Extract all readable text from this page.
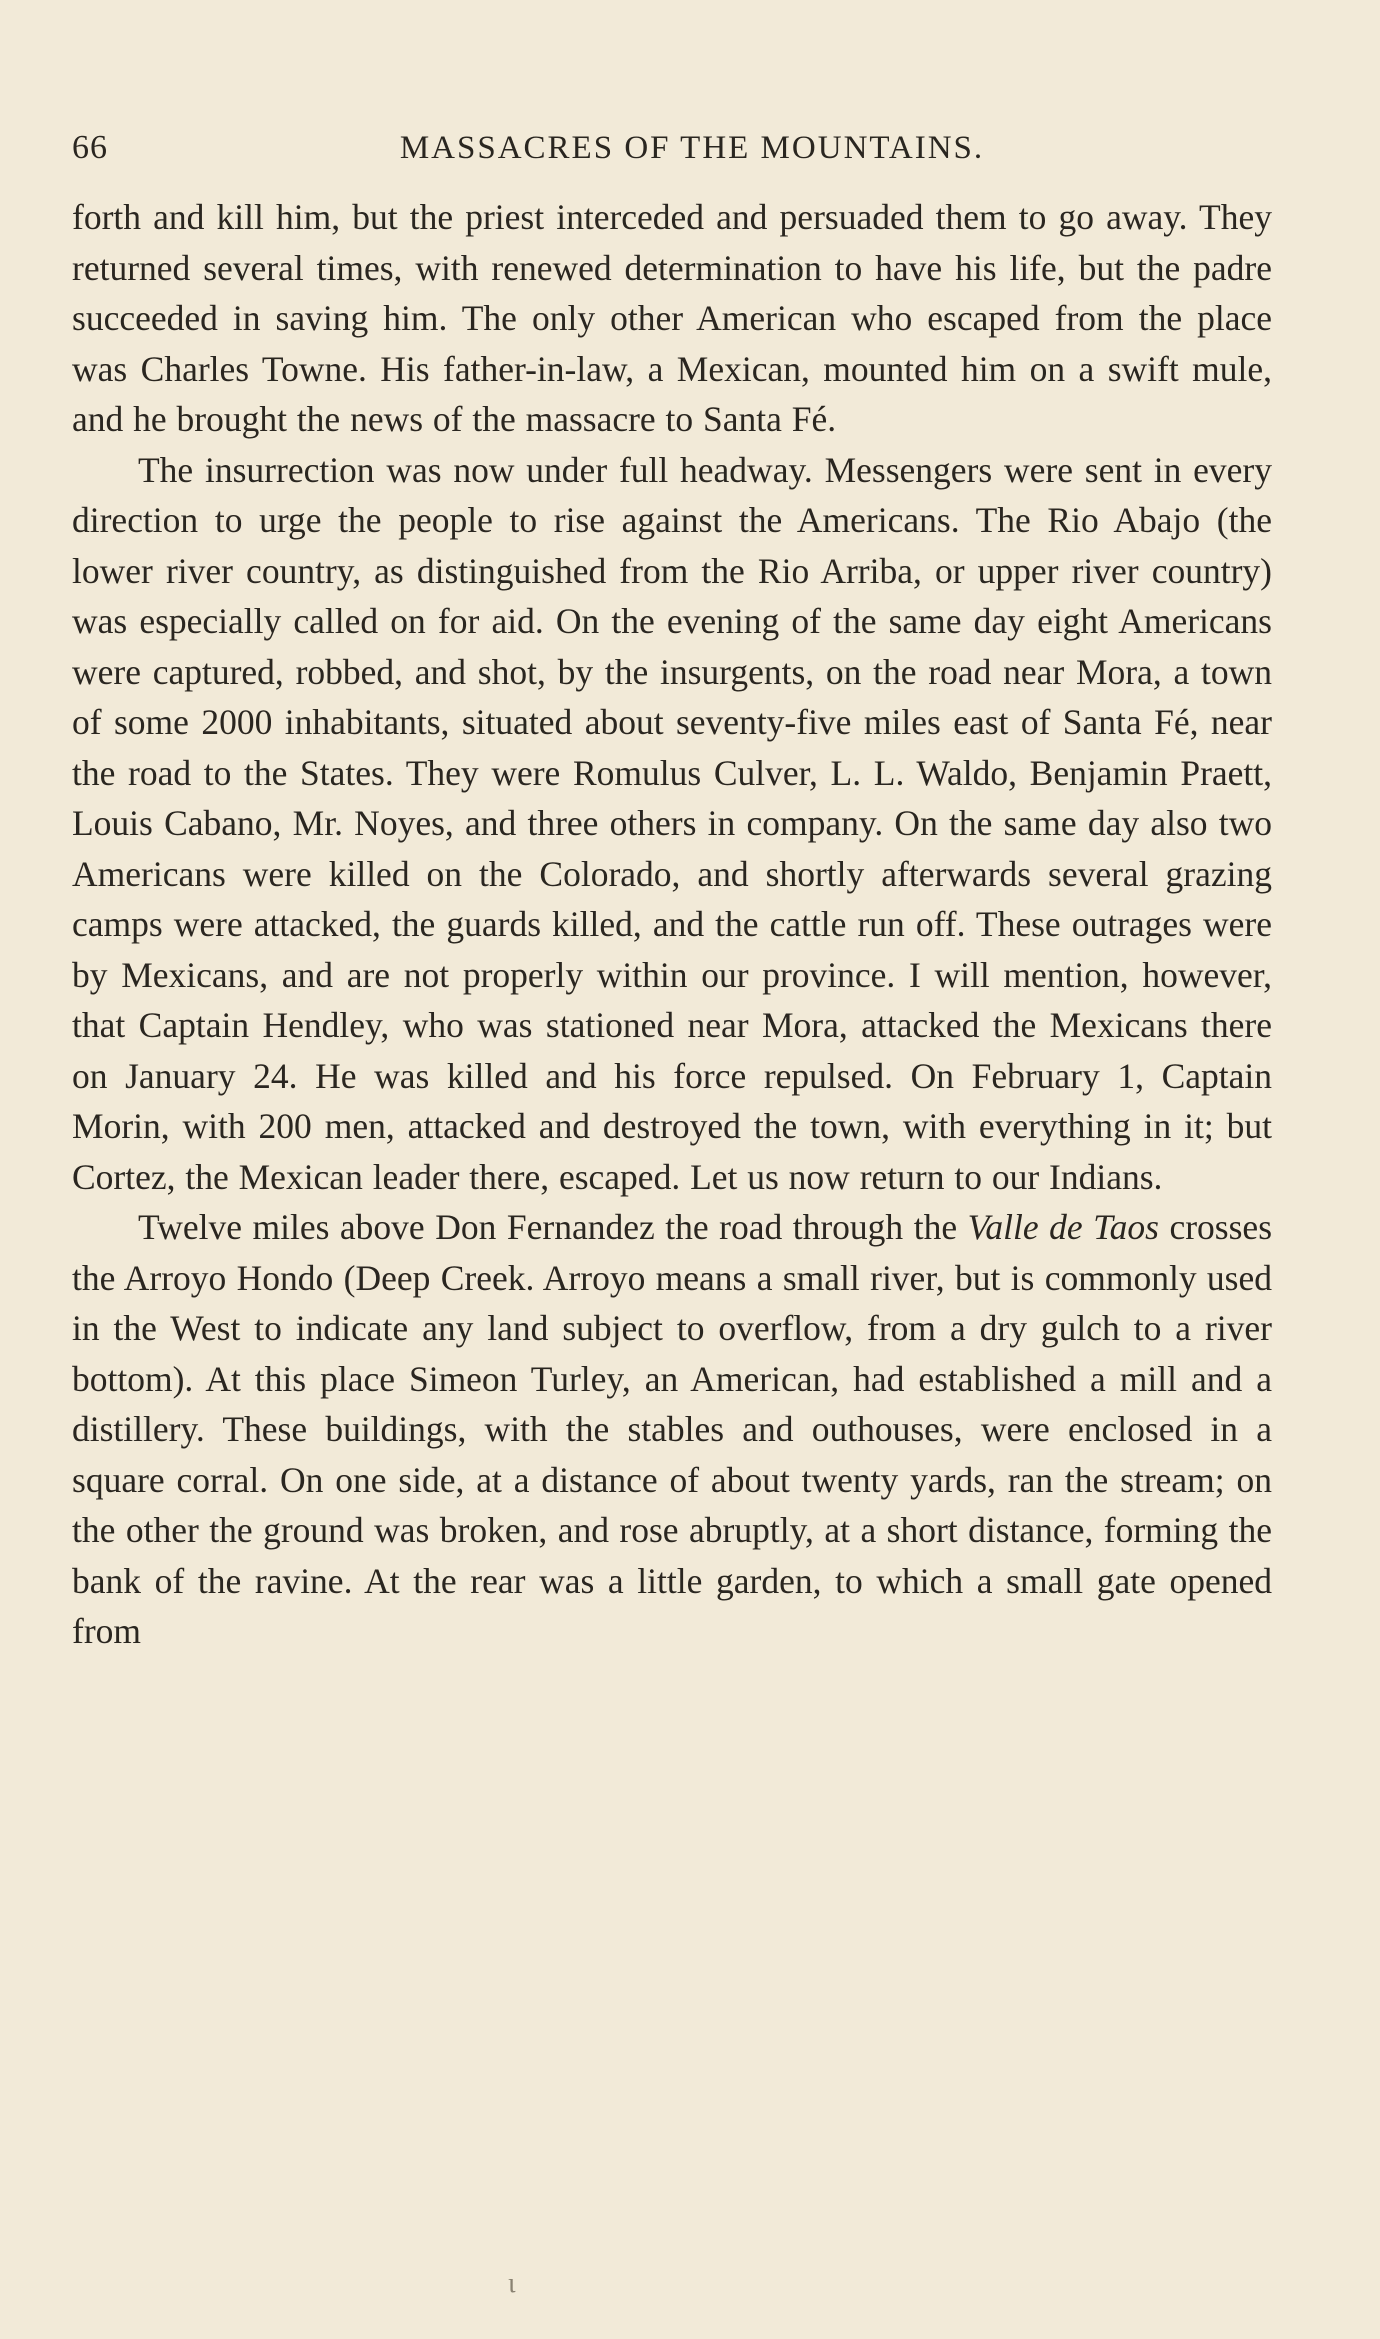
66	MASSACRES OF THE MOUNTAINS.

forth and kill him, but the priest interceded and persuaded them to go away. They returned several times, with renewed determination to have his life, but the padre succeeded in saving him. The only other American who escaped from the place was Charles Towne. His father-in-law, a Mexican, mounted him on a swift mule, and he brought the news of the massacre to Santa Fé.

The insurrection was now under full headway. Messengers were sent in every direction to urge the people to rise against the Americans. The Rio Abajo (the lower river country, as distinguished from the Rio Arriba, or upper river country) was especially called on for aid. On the evening of the same day eight Americans were captured, robbed, and shot, by the insurgents, on the road near Mora, a town of some 2000 inhabitants, situated about seventy-five miles east of Santa Fé, near the road to the States. They were Romulus Culver, L. L. Waldo, Benjamin Praett, Louis Cabano, Mr. Noyes, and three others in company. On the same day also two Americans were killed on the Colorado, and shortly afterwards several grazing camps were attacked, the guards killed, and the cattle run off. These outrages were by Mexicans, and are not properly within our province. I will mention, however, that Captain Hendley, who was stationed near Mora, attacked the Mexicans there on January 24. He was killed and his force repulsed. On February 1, Captain Morin, with 200 men, attacked and destroyed the town, with everything in it; but Cortez, the Mexican leader there, escaped. Let us now return to our Indians.

Twelve miles above Don Fernandez the road through the Valle de Taos crosses the Arroyo Hondo (Deep Creek. Arroyo means a small river, but is commonly used in the West to indicate any land subject to overflow, from a dry gulch to a river bottom). At this place Simeon Turley, an American, had established a mill and a distillery. These buildings, with the stables and outhouses, were enclosed in a square corral. On one side, at a distance of about twenty yards, ran the stream; on the other the ground was broken, and rose abruptly, at a short distance, forming the bank of the ravine. At the rear was a little garden, to which a small gate opened from

ι
